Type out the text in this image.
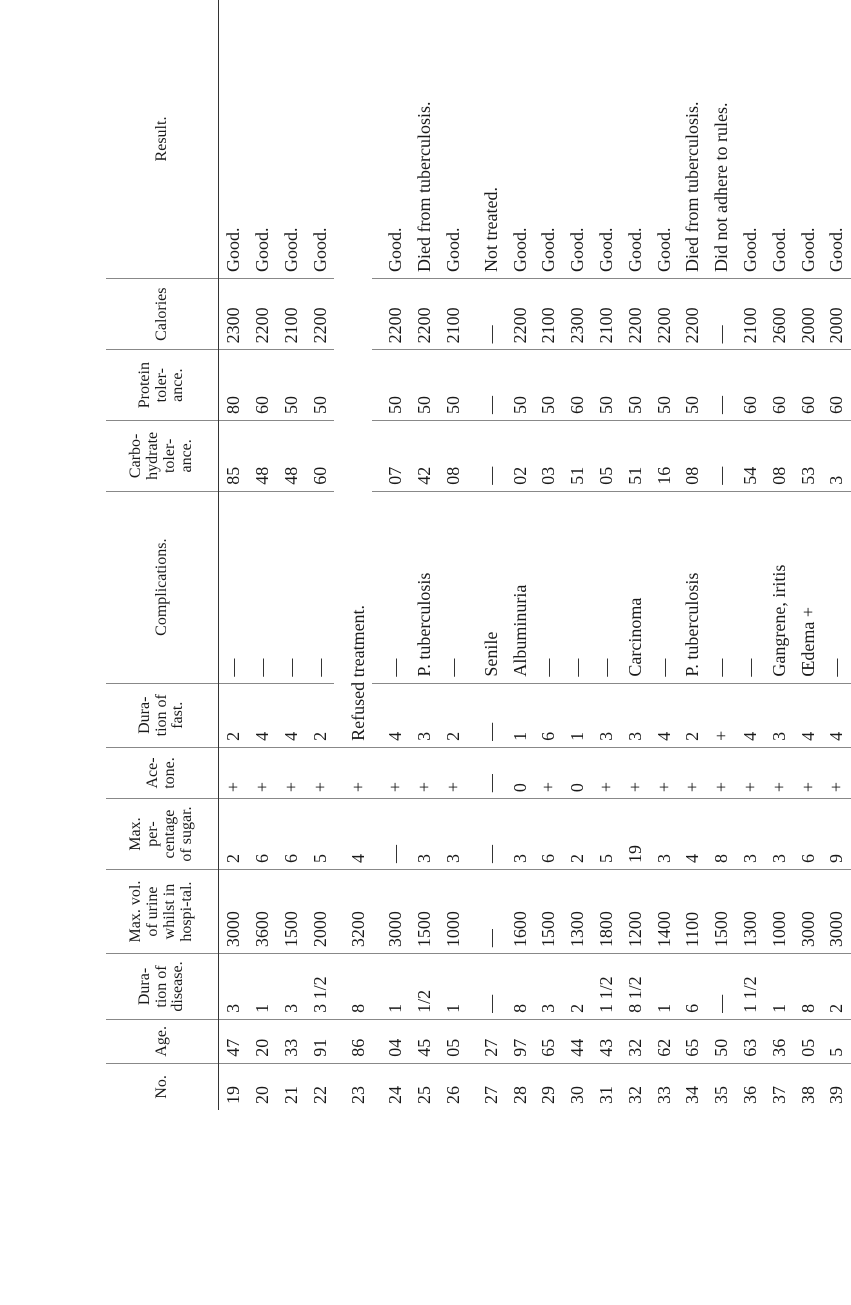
No.	Age.	Dura-tion of disease.	Max. vol. of urine whilst in hospi-tal.	Max. per-centage of sugar.	Ace-tone.	Dura-tion of fast.	Complications.	Carbo-hydrate toler-ance.	Protein toler-ance.	Calories	Result.
19	47	3	3000	2	+	2	—	85	80	2300	Good.
20	20	1	3600	6	+	4	—	48	60	2200	Good.
21	33	3	1500	6	+	4	—	48	50	2100	Good.
22	91	3 1/2	2000	5	+	2	—	60	50	2200	Good.
23	86	8	3200	4	+	Refused treatment.					
24	04	1	3000	—	+	4	—	07	50	2200	Good.
25	45	1/2	1500	3	+	3	P. tuberculosis	42	50	2200	Died from tuberculosis.
26	05	1	1000	3	+	2	—	08	50	2100	Good.
27	27	—	—	—	—	—	Senile	—	—	—	Not treated.
28	97	8	1600	3	0	1	Albuminuria	02	50	2200	Good.
29	65	3	1500	6	+	6	—	03	50	2100	Good.
30	44	2	1300	2	0	1	—	51	60	2300	Good.
31	43	1 1/2	1800	5	+	3	—	05	50	2100	Good.
32	32	8 1/2	1200	19	+	3	Carcinoma	51	50	2200	Good.
33	62	1	1400	3	+	4	—	16	50	2200	Good.
34	65	6	1100	4	+	2	P. tuberculosis	08	50	2200	Died from tuberculosis.
35	50	—	1500	8	+	+	—	—	—	—	Did not adhere to rules.
36	63	1 1/2	1300	3	+	4	—	54	60	2100	Good.
37	36	1	1000	3	+	3	Gangrene, iritis	08	60	2600	Good.
38	05	8	3000	6	+	4	Œdema +	53	60	2000	Good.
39	5	2	3000	9	+	4	—	3	60	2000	Good.
